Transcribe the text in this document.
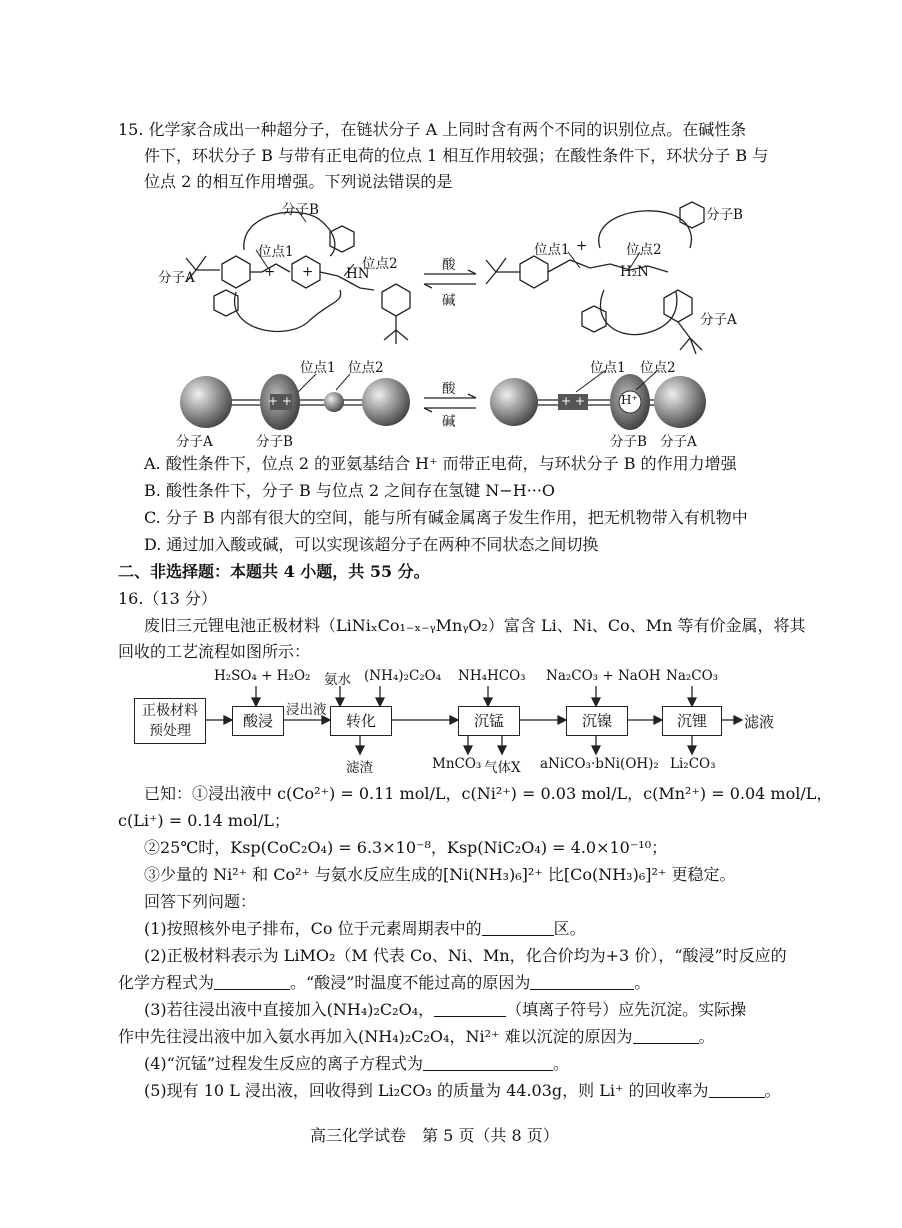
15. 化学家合成出一种超分子，在链状分子 A 上同时含有两个不同的识别位点。在碱性条
件下，环状分子 B 与带有正电荷的位点 1 相互作用较强；在酸性条件下，环状分子 B 与
位点 2 的相互作用增强。下列说法错误的是
分子B
位点1
位点2
分子A	HN
+ +	酸
碱
分子B
位点1	位点2
H₂N
+
分子A
位点1 位点2
+ +
酸
碱
位点1 位点2
+ +	H⁺
分子A	分子B	分子B 分子A
A. 酸性条件下，位点 2 的亚氨基结合 H⁺ 而带正电荷，与环状分子 B 的作用力增强
B. 酸性条件下，分子 B 与位点 2 之间存在氢键 N−H···O
C. 分子 B 内部有很大的空间，能与所有碱金属离子发生作用，把无机物带入有机物中
D. 通过加入酸或碱，可以实现该超分子在两种不同状态之间切换
二、非选择题：本题共 4 小题，共 55 分。
16.（13 分）
废旧三元锂电池正极材料（LiNiₓCo₁₋ₓ₋ᵧMnᵧO₂）富含 Li、Ni、Co、Mn 等有价金属，将其
回收的工艺流程如图所示：
H₂SO₄ + H₂O₂ 氨水 (NH₄)₂C₂O₄ NH₄HCO₃ Na₂CO₃ + NaOH Na₂CO₃
正极材料
预处理
酸浸
浸出液
转化	沉锰	沉镍	沉锂	滤液
滤渣	MnCO₃ 气体X aNiCO₃·bNi(OH)₂ Li₂CO₃
已知：①浸出液中 c(Co²⁺) = 0.11 mol/L，c(Ni²⁺) = 0.03 mol/L，c(Mn²⁺) = 0.04 mol/L，
c(Li⁺) = 0.14 mol/L；
②25℃时，Ksp(CoC₂O₄) = 6.3×10⁻⁸，Ksp(NiC₂O₄) = 4.0×10⁻¹⁰；
③少量的 Ni²⁺ 和 Co²⁺ 与氨水反应生成的[Ni(NH₃)₆]²⁺ 比[Co(NH₃)₆]²⁺ 更稳定。
回答下列问题：
(1)按照核外电子排布，Co 位于元素周期表中的	区。
(2)正极材料表示为 LiMO₂（M 代表 Co、Ni、Mn，化合价均为+3 价），“酸浸”时反应的
化学方程式为	。“酸浸”时温度不能过高的原因为	。
(3)若往浸出液中直接加入(NH₄)₂C₂O₄，	（填离子符号）应先沉淀。实际操
作中先往浸出液中加入氨水再加入(NH₄)₂C₂O₄，Ni²⁺ 难以沉淀的原因为	。
(4)“沉锰”过程发生反应的离子方程式为	。
(5)现有 10 L 浸出液，回收得到 Li₂CO₃ 的质量为 44.03g，则 Li⁺ 的回收率为	。
高三化学试卷　第 5 页（共 8 页）
